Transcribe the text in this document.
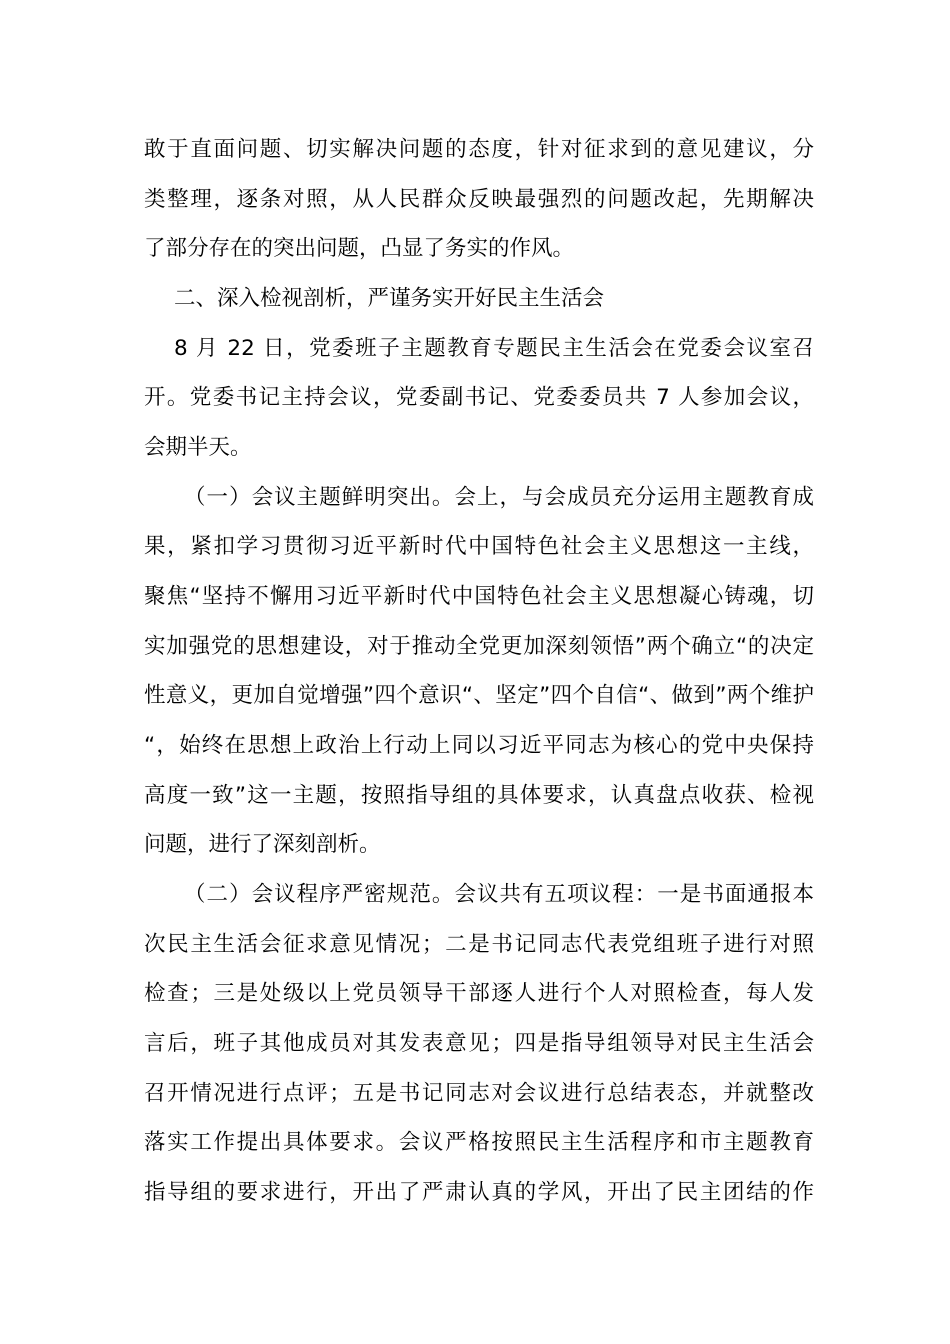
敢于直面问题、切实解决问题的态度，针对征求到的意见建议，分
类整理，逐条对照，从人民群众反映最强烈的问题改起，先期解决
了部分存在的突出问题，凸显了务实的作风。
二、深入检视剖析，严谨务实开好民主生活会
8 月 22 日，党委班子主题教育专题民主生活会在党委会议室召
开。党委书记主持会议，党委副书记、党委委员共 7 人参加会议，
会期半天。
（一）会议主题鲜明突出。会上，与会成员充分运用主题教育成
果，紧扣学习贯彻习近平新时代中国特色社会主义思想这一主线，
聚焦“坚持不懈用习近平新时代中国特色社会主义思想凝心铸魂，切
实加强党的思想建设，对于推动全党更加深刻领悟”两个确立“的决定
性意义，更加自觉增强”四个意识“、坚定”四个自信“、做到”两个维护
“，始终在思想上政治上行动上同以习近平同志为核心的党中央保持
高度一致”这一主题，按照指导组的具体要求，认真盘点收获、检视
问题，进行了深刻剖析。
（二）会议程序严密规范。会议共有五项议程：一是书面通报本
次民主生活会征求意见情况；二是书记同志代表党组班子进行对照
检查；三是处级以上党员领导干部逐人进行个人对照检查，每人发
言后，班子其他成员对其发表意见；四是指导组领导对民主生活会
召开情况进行点评；五是书记同志对会议进行总结表态，并就整改
落实工作提出具体要求。会议严格按照民主生活程序和市主题教育
指导组的要求进行，开出了严肃认真的学风，开出了民主团结的作
